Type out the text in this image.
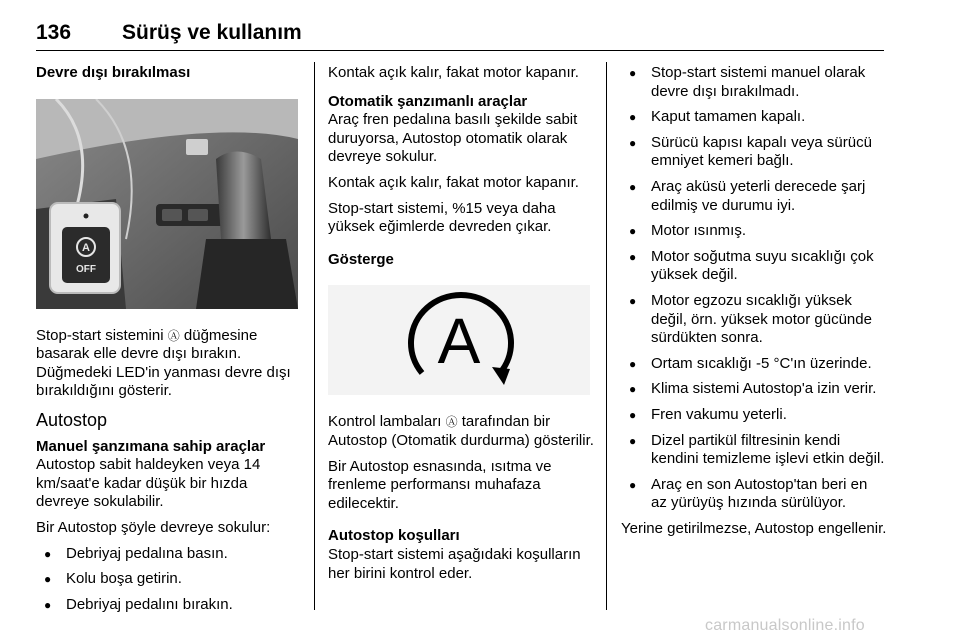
136 Sürüş ve kullanım
Devre dışı bırakılması
A
OFF

Stop-start sistemini Ⓐ düğmesine basarak elle devre dışı bırakın. Düğmedeki LED'in yanması devre dışı bırakıldığını gösterir.

Autostop
Manuel şanzımana sahip araçlar

Autostop sabit haldeyken veya 14 km/saat'e kadar düşük bir hızda devreye sokulabilir.

Bir Autostop şöyle devreye sokulur:

● Debriyaj pedalına basın.
● Kolu boşa getirin.
● Debriyaj pedalını bırakın.

Kontak açık kalır, fakat motor kapanır.

Otomatik şanzımanlı araçlar

Araç fren pedalına basılı şekilde sabit duruyorsa, Autostop otomatik olarak devreye sokulur.

Kontak açık kalır, fakat motor kapanır.

Stop-start sistemi, %15 veya daha yüksek eğimlerde devreden çıkar.

Gösterge
A

Kontrol lambaları Ⓐ tarafından bir Autostop (Otomatik durdurma) gösterilir.

Bir Autostop esnasında, ısıtma ve frenleme performansı muhafaza edilecektir.

Autostop koşulları

Stop-start sistemi aşağıdaki koşulların her birini kontrol eder.

● Stop-start sistemi manuel olarak devre dışı bırakılmadı.
● Kaput tamamen kapalı.
● Sürücü kapısı kapalı veya sürücü emniyet kemeri bağlı.
● Araç aküsü yeterli derecede şarj edilmiş ve durumu iyi.
● Motor ısınmış.
● Motor soğutma suyu sıcaklığı çok yüksek değil.
● Motor egzozu sıcaklığı yüksek değil, örn. yüksek motor gücünde sürdükten sonra.
● Ortam sıcaklığı -5 °C'ın üzerinde.
● Klima sistemi Autostop'a izin verir.
● Fren vakumu yeterli.
● Dizel partikül filtresinin kendi kendini temizleme işlevi etkin değil.
● Araç en son Autostop'tan beri en az yürüyüş hızında sürülüyor.

Yerine getirilmezse, Autostop engellenir.

carmanualsonline.info
